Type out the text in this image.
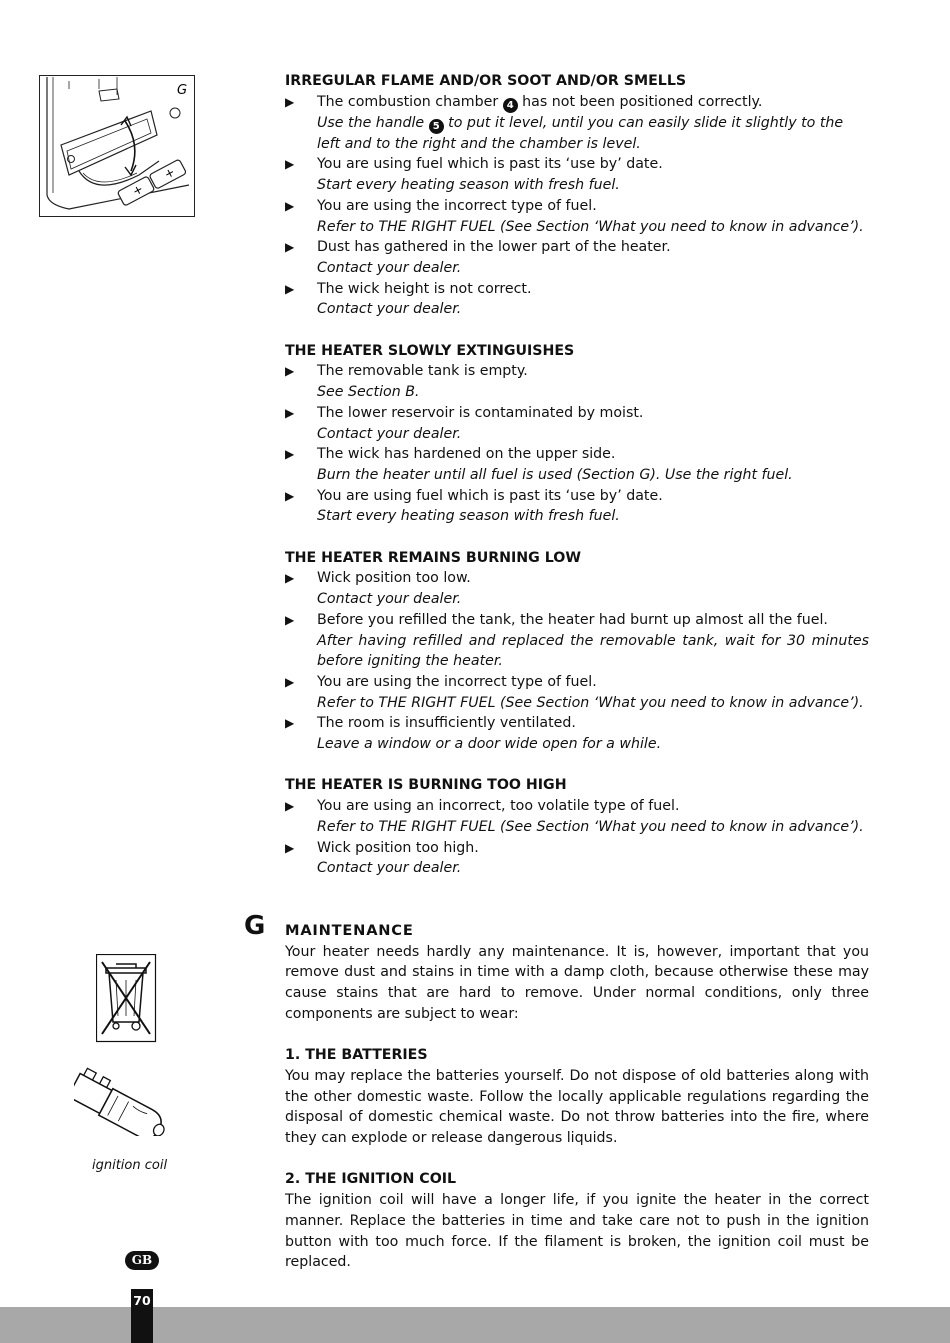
+
+
G

IRREGULAR FLAME AND/OR SOOT AND/OR SMELLS

▶ The combustion chamber 4 has not been positioned correctly.
Use the handle 5 to put it level, until you can easily slide it slightly to the left and to the right and the chamber is level.
▶ You are using fuel which is past its ‘use by’ date.
Start every heating season with fresh fuel.
▶ You are using the incorrect type of fuel.
Refer to THE RIGHT FUEL (See Section ‘What you need to know in advance’).
▶ Dust has gathered in the lower part of the heater.
Contact your dealer.
▶ The wick height is not correct.
Contact your dealer.

THE HEATER SLOWLY EXTINGUISHES

▶ The removable tank is empty.
See Section B.
▶ The lower reservoir is contaminated by moist.
Contact your dealer.
▶ The wick has hardened on the upper side.
Burn the heater until all fuel is used (Section G). Use the right fuel.
▶ You are using fuel which is past its ‘use by’ date.
Start every heating season with fresh fuel.

THE HEATER REMAINS BURNING LOW

▶ Wick position too low.
Contact your dealer.
▶ Before you refilled the tank, the heater had burnt up almost all the fuel.
After having refilled and replaced the removable tank, wait for 30 minutes before igniting the heater.
▶ You are using the incorrect type of fuel.
Refer to THE RIGHT FUEL (See Section ‘What you need to know in advance’).
▶ The room is insufficiently ventilated.
Leave a window or a door wide open for a while.

THE HEATER IS BURNING TOO HIGH

▶ You are using an incorrect, too volatile type of fuel.
Refer to THE RIGHT FUEL (See Section ‘What you need to know in advance’).
▶ Wick position too high.
Contact your dealer.
G MAINTENANCE
Your heater needs hardly any maintenance. It is, however, important that you remove dust and stains in time with a damp cloth, because otherwise these may cause stains that are hard to remove. Under normal conditions, only three components are subject to wear:
1. THE BATTERIES
You may replace the batteries yourself. Do not dispose of old batteries along with the other domestic waste. Follow the locally applicable regulations regarding the disposal of domestic chemical waste. Do not throw batteries into the fire, where they can explode or release dangerous liquids.
2. THE IGNITION COIL
The ignition coil will have a longer life, if you ignite the heater in the correct manner. Replace the batteries in time and take care not to push in the ignition button with too much force. If the filament is broken, the ignition coil must be replaced.
ignition coil
GB
70
